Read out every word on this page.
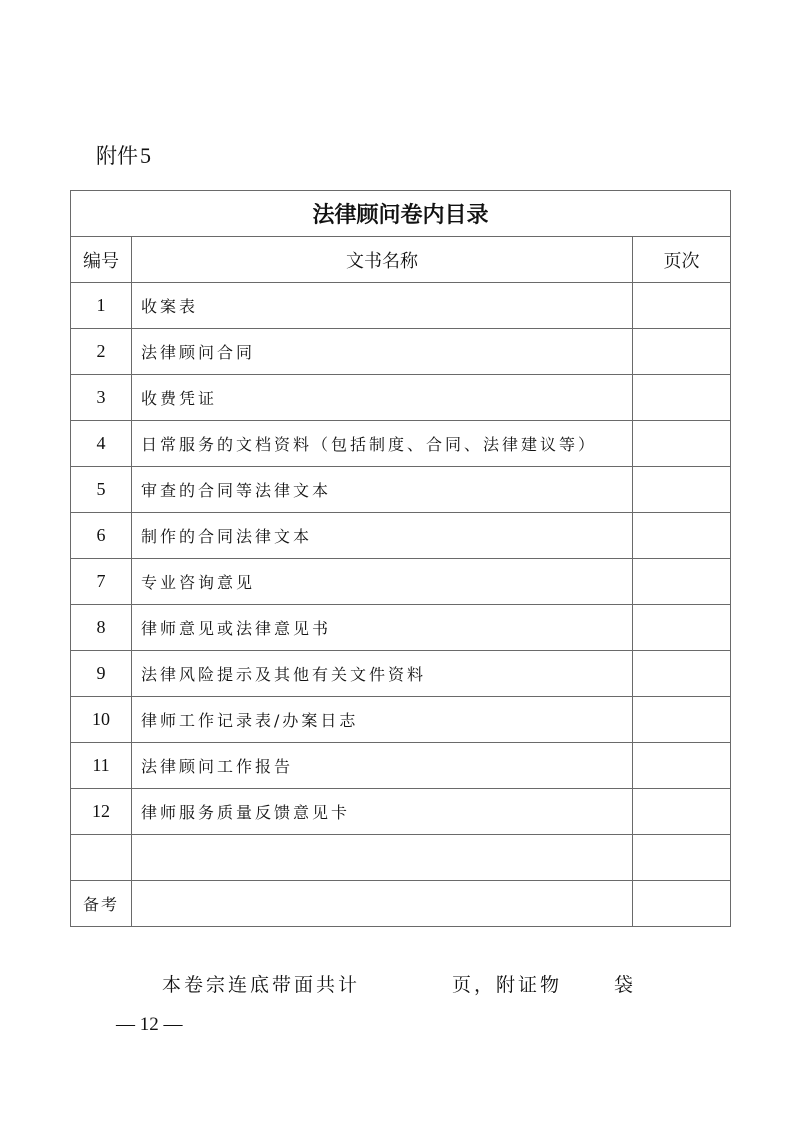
附件5
法律顾问卷内目录		
编号	文书名称	页次
1	收案表	
2	法律顾问合同	
3	收费凭证	
4	日常服务的文档资料（包括制度、合同、法律建议等）	
5	审查的合同等法律文本	
6	制作的合同法律文本	
7	专业咨询意见	
8	律师意见或法律意见书	
9	法律风险提示及其他有关文件资料	
10	律师工作记录表/办案日志	
11	法律顾问工作报告	
12	律师服务质量反馈意见卡	

备考		
本卷宗连底带面共计	页，附证物	袋
— 12 —
